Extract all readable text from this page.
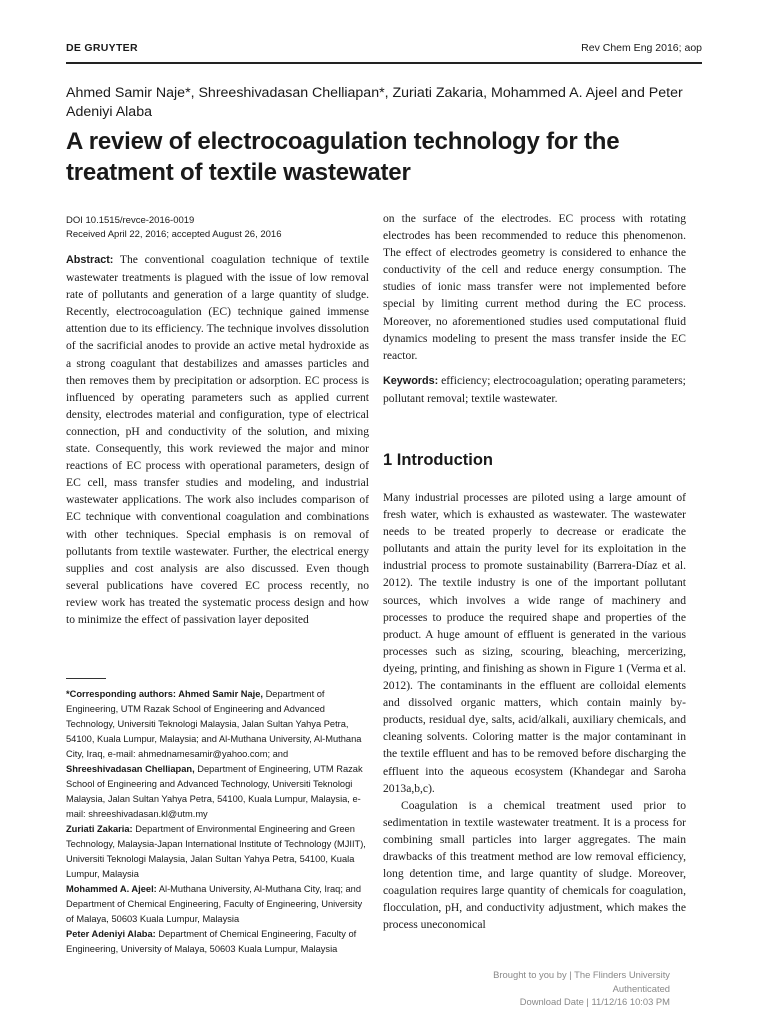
DE GRUYTER	Rev Chem Eng 2016; aop
Ahmed Samir Naje*, Shreeshivadasan Chelliapan*, Zuriati Zakaria, Mohammed A. Ajeel and Peter Adeniyi Alaba
A review of electrocoagulation technology for the treatment of textile wastewater
DOI 10.1515/revce-2016-0019
Received April 22, 2016; accepted August 26, 2016
Abstract: The conventional coagulation technique of textile wastewater treatments is plagued with the issue of low removal rate of pollutants and generation of a large quantity of sludge. Recently, electrocoagulation (EC) technique gained immense attention due to its efficiency. The technique involves dissolution of the sacrificial anodes to provide an active metal hydroxide as a strong coagulant that destabilizes and amasses particles and then removes them by precipitation or adsorption. EC process is influenced by operating parameters such as applied current density, electrodes material and configuration, type of electrical connection, pH and conductivity of the solution, and mixing state. Consequently, this work reviewed the major and minor reactions of EC process with operational parameters, design of EC cell, mass transfer studies and modeling, and industrial wastewater applications. The work also includes comparison of EC technique with conventional coagulation and combinations with other techniques. Special emphasis is on removal of pollutants from textile wastewater. Further, the electrical energy supplies and cost analysis are also discussed. Even though several publications have covered EC process recently, no review work has treated the systematic process design and how to minimize the effect of passivation layer deposited

*Corresponding authors: Ahmed Samir Naje, Department of Engineering, UTM Razak School of Engineering and Advanced Technology, Universiti Teknologi Malaysia, Jalan Sultan Yahya Petra, 54100, Kuala Lumpur, Malaysia; and Al-Muthana University, Al-Muthana City, Iraq, e-mail: ahmednamesamir@yahoo.com; and

Shreeshivadasan Chelliapan, Department of Engineering, UTM Razak School of Engineering and Advanced Technology, Universiti Teknologi Malaysia, Jalan Sultan Yahya Petra, 54100, Kuala Lumpur, Malaysia, e-mail: shreeshivadasan.kl@utm.my

Zuriati Zakaria: Department of Environmental Engineering and Green Technology, Malaysia-Japan International Institute of Technology (MJIIT), Universiti Teknologi Malaysia, Jalan Sultan Yahya Petra, 54100, Kuala Lumpur, Malaysia

Mohammed A. Ajeel: Al-Muthana University, Al-Muthana City, Iraq; and Department of Chemical Engineering, Faculty of Engineering, University of Malaya, 50603 Kuala Lumpur, Malaysia

Peter Adeniyi Alaba: Department of Chemical Engineering, Faculty of Engineering, University of Malaya, 50603 Kuala Lumpur, Malaysia

on the surface of the electrodes. EC process with rotating electrodes has been recommended to reduce this phenomenon. The effect of electrodes geometry is considered to enhance the conductivity of the cell and reduce energy consumption. The studies of ionic mass transfer were not implemented before special by limiting current method during the EC process. Moreover, no aforementioned studies used computational fluid dynamics modeling to present the mass transfer inside the EC reactor.
Keywords: efficiency; electrocoagulation; operating parameters; pollutant removal; textile wastewater.
1 Introduction

Many industrial processes are piloted using a large amount of fresh water, which is exhausted as wastewater. The wastewater needs to be treated properly to decrease or eradicate the pollutants and attain the purity level for its exploitation in the industrial process to promote sustainability (Barrera-Díaz et al. 2012). The textile industry is one of the important pollutant sources, which involves a wide range of machinery and processes to produce the required shape and properties of the product. A huge amount of effluent is generated in the various processes such as sizing, scouring, bleaching, mercerizing, dyeing, printing, and finishing as shown in Figure 1 (Verma et al. 2012). The contaminants in the effluent are colloidal elements and dissolved organic matters, which contain mainly by-products, residual dye, salts, acid/alkali, auxiliary chemicals, and cleaning solvents. Coloring matter is the major contaminant in the textile effluent and has to be removed before discharging the effluent into the aqueous ecosystem (Khandegar and Saroha 2013a,b,c).

Coagulation is a chemical treatment used prior to sedimentation in textile wastewater treatment. It is a process for combining small particles into larger aggregates. The main drawbacks of this treatment method are low removal efficiency, long detention time, and large quantity of sludge. Moreover, coagulation requires large quantity of chemicals for coagulation, flocculation, pH, and conductivity adjustment, which makes the process uneconomical

Brought to you by | The Flinders University
Authenticated
Download Date | 11/12/16 10:03 PM
